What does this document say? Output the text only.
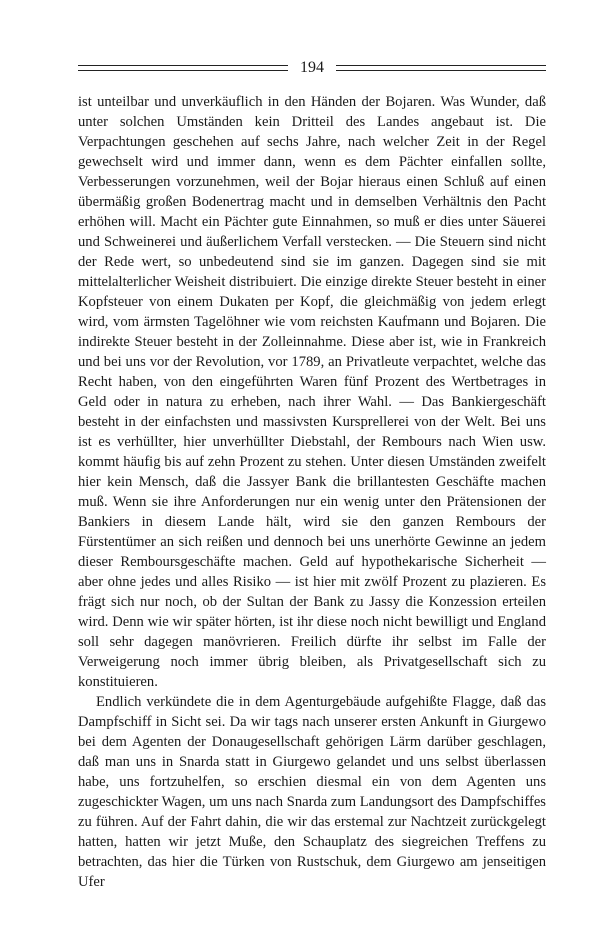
194

ist unteilbar und unverkäuflich in den Händen der Bojaren. Was Wunder, daß unter solchen Umständen kein Dritteil des Landes angebaut ist. Die Verpachtungen geschehen auf sechs Jahre, nach welcher Zeit in der Regel gewechselt wird und immer dann, wenn es dem Pächter einfallen sollte, Verbesserungen vorzunehmen, weil der Bojar hieraus einen Schluß auf einen übermäßig großen Bodenertrag macht und in demselben Verhältnis den Pacht erhöhen will. Macht ein Pächter gute Einnahmen, so muß er dies unter Säuerei und Schweinerei und äußerlichem Verfall verstecken. — Die Steuern sind nicht der Rede wert, so unbedeutend sind sie im ganzen. Dagegen sind sie mit mittelalterlicher Weisheit distribuiert. Die einzige direkte Steuer besteht in einer Kopfsteuer von einem Dukaten per Kopf, die gleichmäßig von jedem erlegt wird, vom ärmsten Tagelöhner wie vom reichsten Kaufmann und Bojaren. Die indirekte Steuer besteht in der Zolleinnahme. Diese aber ist, wie in Frankreich und bei uns vor der Revolution, vor 1789, an Privatleute verpachtet, welche das Recht haben, von den eingeführten Waren fünf Prozent des Wertbetrages in Geld oder in natura zu erheben, nach ihrer Wahl. — Das Bankiergeschäft besteht in der einfachsten und massivsten Kursprellerei von der Welt. Bei uns ist es verhüllter, hier unverhüllter Diebstahl, der Rembours nach Wien usw. kommt häufig bis auf zehn Prozent zu stehen. Unter diesen Umständen zweifelt hier kein Mensch, daß die Jassyer Bank die brillantesten Geschäfte machen muß. Wenn sie ihre Anforderungen nur ein wenig unter den Prätensionen der Bankiers in diesem Lande hält, wird sie den ganzen Rembours der Fürstentümer an sich reißen und dennoch bei uns unerhörte Gewinne an jedem dieser Remboursgeschäfte machen. Geld auf hypothekarische Sicherheit — aber ohne jedes und alles Risiko — ist hier mit zwölf Prozent zu plazieren. Es frägt sich nur noch, ob der Sultan der Bank zu Jassy die Konzession erteilen wird. Denn wie wir später hörten, ist ihr diese noch nicht bewilligt und England soll sehr dagegen manövrieren. Freilich dürfte ihr selbst im Falle der Verweigerung noch immer übrig bleiben, als Privatgesellschaft sich zu konstituieren.

Endlich verkündete die in dem Agenturgebäude aufgehißte Flagge, daß das Dampfschiff in Sicht sei. Da wir tags nach unserer ersten Ankunft in Giurgewo bei dem Agenten der Donaugesellschaft gehörigen Lärm darüber geschlagen, daß man uns in Snarda statt in Giurgewo gelandet und uns selbst überlassen habe, uns fortzuhelfen, so erschien diesmal ein von dem Agenten uns zugeschickter Wagen, um uns nach Snarda zum Landungsort des Dampfschiffes zu führen. Auf der Fahrt dahin, die wir das erstemal zur Nachtzeit zurückgelegt hatten, hatten wir jetzt Muße, den Schauplatz des siegreichen Treffens zu betrachten, das hier die Türken von Rustschuk, dem Giurgewo am jenseitigen Ufer
